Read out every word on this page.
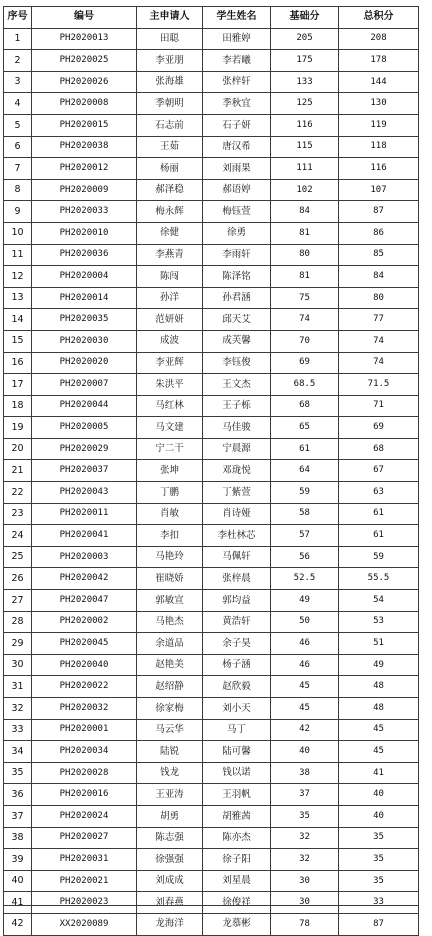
序号	编号	主申请人	学生姓名	基础分	总积分
1	PH2020013	田聪	田雅婷	205	208
2	PH2020025	李亚朋	李若曦	175	178
3	PH2020026	张海雄	张梓轩	133	144
4	PH2020008	季朝明	季秋宜	125	130
5	PH2020015	石志前	石子妍	116	119
6	PH2020038	王茹	唐汉希	115	118
7	PH2020012	杨丽	刘雨果	111	116
8	PH2020009	郝泽稳	郝语婷	102	107
9	PH2020033	梅永辉	梅钰萱	84	87
10	PH2020010	徐健	徐勇	81	86
11	PH2020036	李燕青	李雨轩	80	85
12	PH2020004	陈闯	陈泽铭	81	84
13	PH2020014	孙洋	孙君涵	75	80
14	PH2020035	范妍妍	邱天艾	74	77
15	PH2020030	成波	成芙馨	70	74
16	PH2020020	李亚辉	李钰俊	69	74
17	PH2020007	朱洪平	王文杰	68.5	71.5
18	PH2020044	马红林	王子栎	68	71
19	PH2020005	马文建	马佳骏	65	69
20	PH2020029	宁二干	宁晨源	61	68
21	PH2020037	张坤	邓珑悦	64	67
22	PH2020043	丁鹏	丁紫萱	59	63
23	PH2020011	肖敏	肖诗娅	58	61
24	PH2020041	李扣	李杜林芯	57	61
25	PH2020003	马艳玲	马佩轩	56	59
26	PH2020042	崔晓娇	张梓晨	52.5	55.5
27	PH2020047	郭敏宣	郭均益	49	54
28	PH2020002	马艳杰	黄浩轩	50	53
29	PH2020045	余道品	余子昊	46	51
30	PH2020040	赵艳美	杨子涵	46	49
31	PH2020022	赵绍静	赵欣毅	45	48
32	PH2020032	徐家梅	刘小天	45	48
33	PH2020001	马云华	马丁	42	45
34	PH2020034	陆锐	陆可馨	40	45
35	PH2020028	钱龙	钱以诺	38	41
36	PH2020016	王亚涛	王羽帆	37	40
37	PH2020024	胡勇	胡雅茜	35	40
38	PH2020027	陈志强	陈亦杰	32	35
39	PH2020031	徐强强	徐子阳	32	35
40	PH2020021	刘成成	刘星晨	30	35
41	PH2020023	刘春燕	徐俊祥	30	33
42	XX2020089	龙海洋	龙慕彬	78	87
